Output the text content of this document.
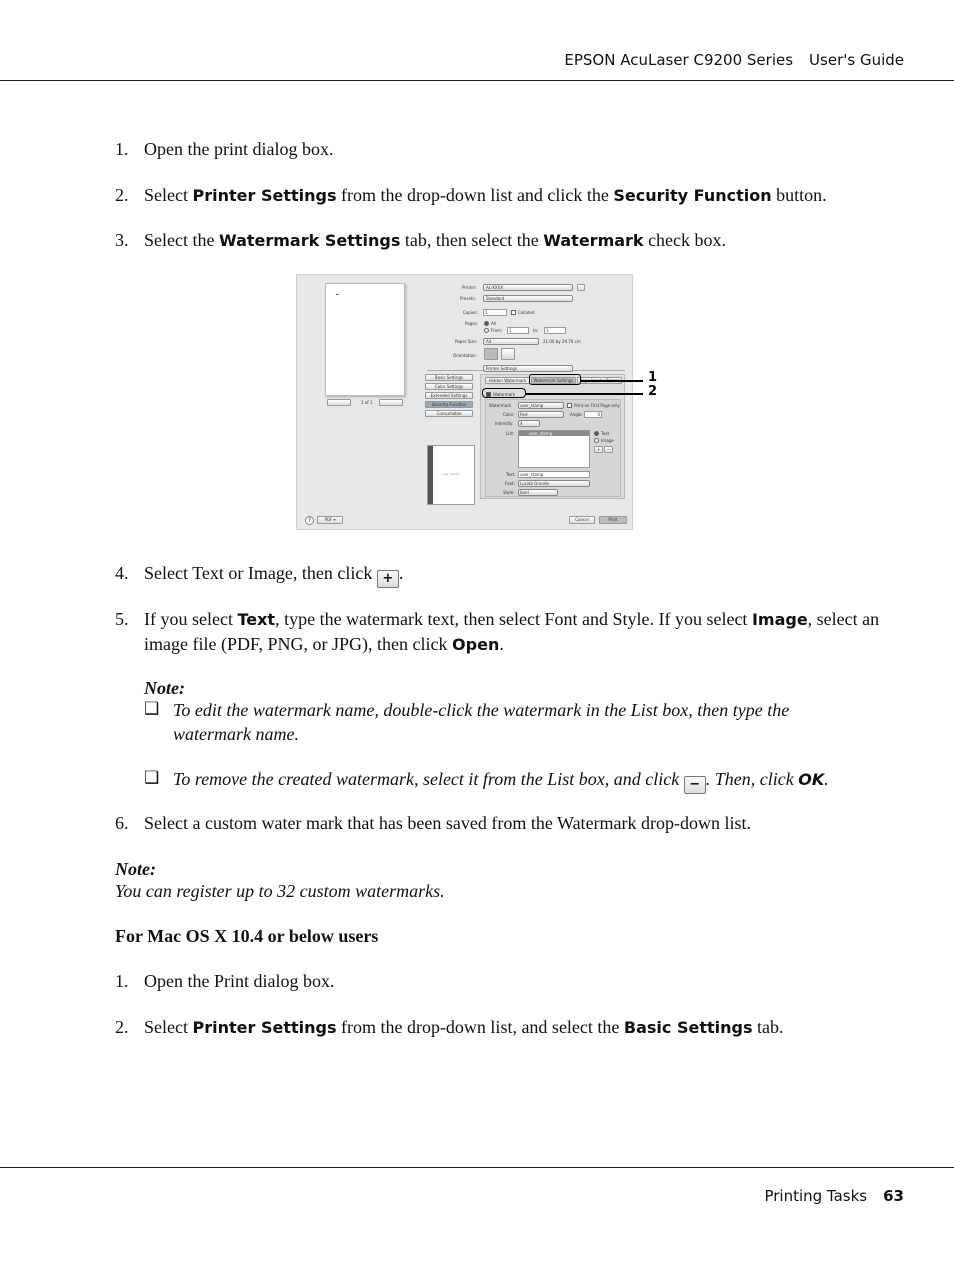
EPSON AcuLaser C9200 Series User's Guide
1. Open the print dialog box.
2. Select Printer Settings from the drop-down list and click the Security Function button.
3. Select the Watermark Settings tab, then select the Watermark check box.
1 of 1
Printer:	AL-XXXX
Presets:	Standard
Copies:	1	Collated
Pages:	All
From:	1	to:	1
Paper Size:	A4	21.00 by 29.70 cm
Orientation:
Printer Settings
Basic Settings
Color Settings
Extended Settings
Security Function
Consumable
user_stamp
Hidden Watermark	Watermark Settings
Watermark
Watermark	user_stamp	Print on First Page only
Color:	Red	Angle:	0
Intensity:	4
List:	user_stamp	Text
Image
+	−
Text:	user_stamp
Font:	Lucida Grande
Style:	Bold
?	PDF ▾	Cancel	Print
1
2
4. Select Text or Image, then click + .
5. If you select Text, type the watermark text, then select Font and Style. If you select Image, select an image file (PDF, PNG, or JPG), then click Open.
Note:
❑ To edit the watermark name, double-click the watermark in the List box, then type the watermark name.
❑ To remove the created watermark, select it from the List box, and click − . Then, click OK.
6. Select a custom water mark that has been saved from the Watermark drop-down list.
Note:
You can register up to 32 custom watermarks.
For Mac OS X 10.4 or below users
1. Open the Print dialog box.
2. Select Printer Settings from the drop-down list, and select the Basic Settings tab.
Printing Tasks 63
